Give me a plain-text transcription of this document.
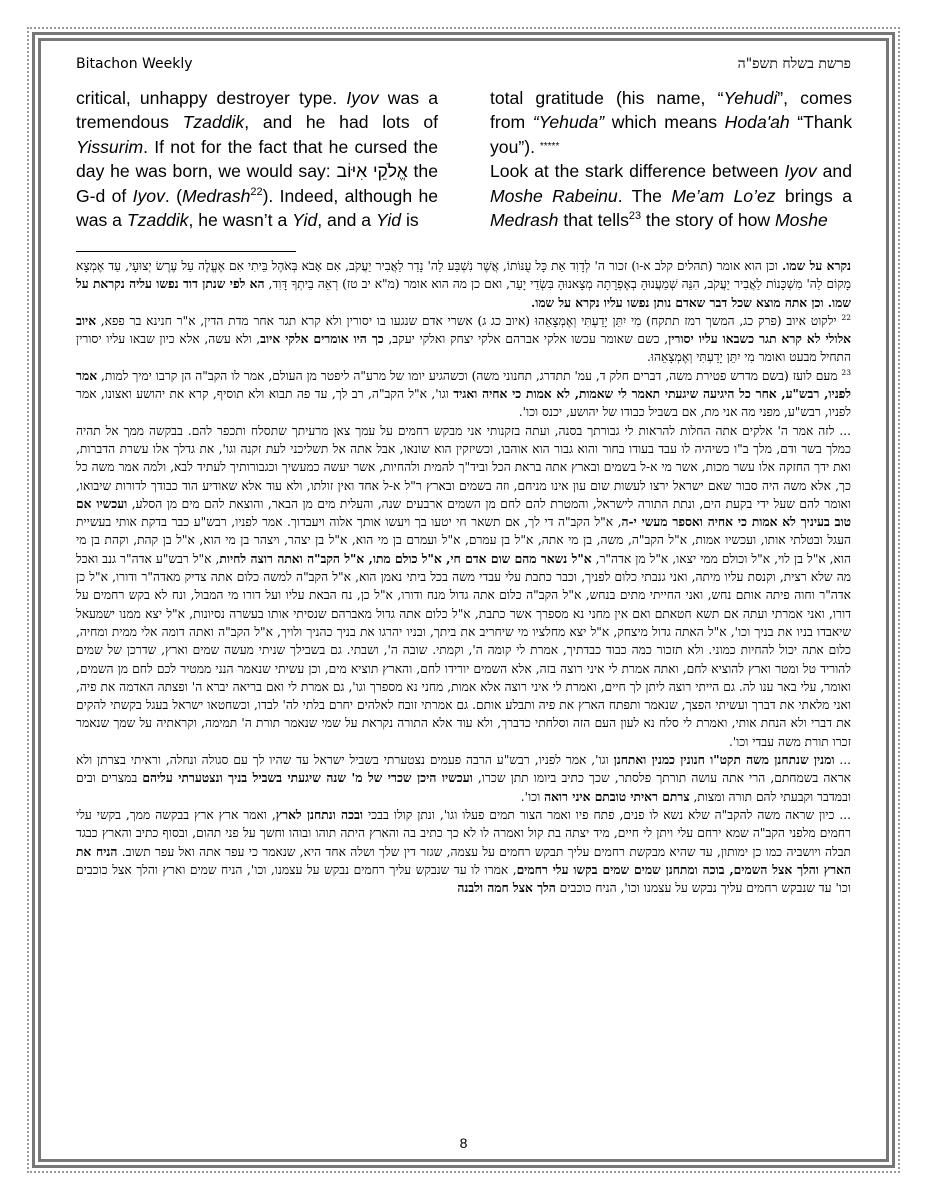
Bitachon Weekly	פרשת בשלח תשפ"ה

critical, unhappy destroyer type. Iyov was a tremendous Tzaddik, and he had lots of Yissurim. If not for the fact that he cursed the day he was born, we would say: אֱלֹקֵי אִיּוֹב the G-d of Iyov. (Medrash$^{22}$). Indeed, although he was a Tzaddik, he wasn’t a Yid, and a Yid is

total gratitude (his name, “Yehudi”, comes from “Yehuda” which means Hoda'ah “Thank you”). *****

Look at the stark difference between Iyov and Moshe Rabeinu. The Me’am Lo’ez brings a Medrash that tells$^{23}$ the story of how Moshe

נקרא על שמו. וכן הוא אומר (תהלים קלב א-ו) זכור ה' לְדָוִד אֵת כָּל עֻנּוֹתוֹ, אֲשֶׁר נִשְׁבַּע לַה' נָדַר לַאֲבִיר יַעֲקֹב, אִם אָבֹא בְּאֹהֶל בֵּיתִי אִם אֶעֱלֶה עַל עֶרֶשׂ יְצוּעָי, עַד אֶמְצָא מָקוֹם לַה' מִשְׁכָּנוֹת לַאֲבִיר יַעֲקֹב, הִנֵּה שְׁמַעֲנוּהָ בְאֶפְרָתָה מְצָאנוּהָ בִּשְׂדֵי יָעַר, ואם כן מה הוא אומר (מ"א יב טז) רְאֵה בֵיתְךָ דָּוִד, הא לפי שנתן דוד נפשו עליה נקראת על שמו. וכן אתה מוצא שכל דבר שאדם נותן נפשו עליו נקרא על שמו.

$^{22}$ ילקוט איוב (פרק כג, המשך רמז תתקח) מִי יִתֵּן יָדַעְתִּי וְאֶמְצָאֵהוּ (איוב כג ג) אשרי אדם שנגעו בו יסורין ולא קרא תגר אחר מדת הדין, א"ר חנינא בר פפא, איוב אלולי לא קרא תגר כשבאו עליו יסורין, כשם שאומר עכשו אלקי אברהם אלקי יצחק ואלקי יעקב, כך היו אומרים אלקי איוב, ולא עשה, אלא כיון שבאו עליו יסורין התחיל מבעט ואומר מִי יִתֵּן יָדַעְתִּי וְאֶמְצָאֵהוּ.

$^{23}$ מעם לועז (בשם מדרש פטירת משה, דברים חלק ד, עמ' תתדרג, תחנוני משה) וכשהגיע יומו של מרע"ה ליפטר מן העולם, אמר לו הקב"ה הן קרבו ימיך למות, אמר לפניו, רבש"ע, אחר כל היגיעה שיגעתי תאמר לי שאמות, לא אמות כי אחיה ואגיד וגו', א"ל הקב"ה, רב לך, עד פה תבוא ולא תוסיף, קרא את יהושע ואצונו, אמר לפניו, רבש"ע, מפני מה אני מת, אם בשביל כבודו של יהושע, יכנס וכו'.

... לזה אמר ה' אלקים אתה החלות להראות לי גבורתך בסנה, ועתה בזקנותי אני מבקש רחמים על עמך צאן מרעיתך שתסלח ותכפר להם. בבקשה ממך אל תהיה כמלך בשר ודם, מלך ב"ו כשיהיה לו עבד בעודו בחור והוא גבור הוא אוהבו, וכשיזקין הוא שונאו, אבל אתה אל תשליכני לעת זקנה וגו', את גדלך אלו עשרת הדברות, ואת ידך החזקה אלו עשר מכות, אשר מי א-ל בשמים ובארץ אתה בראת הכל וביד"ך להמית ולהחיות, אשר יעשה כמעשיך וכגבורותיך לעתיד לבא, ולמה אמר משה כל כך, אלא משה היה סבור שאם ישראל ירצו לעשות שום עון אינו מניחם, וזה בשמים ובארץ ר"ל א-ל אחד ואין זולתו, ולא עוד אלא שאודיע הוד כבודך לדורות שיבואו, ואומר להם שעל ידי בקעת הים, ונתת התורה לישראל, והמטרת להם לחם מן השמים ארבעים שנה, והעלית מים מן הבאר, והוצאת להם מים מן הסלע, ועכשיו אם טוב בעיניך לא אמות כי אחיה ואספר מעשי י-ה, א"ל הקב"ה די לך, אם תשאר חי יטעו בך ויעשו אותך אלוה ויעבדוך. אמר לפניו, רבש"ע כבר בדקת אותי בעשיית העגל ובטלתי אותו, ועכשיו אמות, א"ל הקב"ה, משה, בן מי אתה, א"ל בן עמרם, א"ל ועמרם בן מי הוא, א"ל בן יצהר, ויצהר בן מי הוא, א"ל בן קהת, וקהת בן מי הוא, א"ל בן לוי, א"ל וכולם ממי יצאו, א"ל מן אדה"ר, א"ל נשאר מהם שום אדם חי, א"ל כולם מתו, א"ל הקב"ה ואתה רוצה לחיות, א"ל רבש"ע אדה"ר גנב ואכל מה שלא רצית, וקנסת עליו מיתה, ואני גנבתי כלום לפניך, וכבר כתבת עלי עבדי משה בכל ביתי נאמן הוא, א"ל הקב"ה למשה כלום אתה צדיק מאדה"ר ודורו, א"ל כן אדה"ר וחוה פיתה אותם נחש, ואני החייתי מתים בנחש, א"ל הקב"ה כלום אתה גדול מנח ודורו, א"ל כן, נח הבאת עליו ועל דורו מי המבול, ונח לא בקש רחמים על דורו, ואני אמרתי ועתה אם תשא חטאתם ואם אין מחני נא מספרך אשר כתבת, א"ל כלום אתה גדול מאברהם שנסיתי אותו בעשרה נסיונות, א"ל יצא ממנו ישמעאל שיאבדו בניו את בניך וכו', א"ל האתה גדול מיצחק, א"ל יצא מחלציו מי שיחריב את ביתך, ובניו יהרגו את בניך כהניך ולויך, א"ל הקב"ה ואתה דומה אלי ממית ומחיה, כלום אתה יכול להחיות כמוני. ולא תזכור כמה כבוד כבדתיך, אמרת לי קומה ה', וקמתי. שובה ה', ושבתי. גם בשבילך שניתי מעשה שמים וארץ, שדרכן של שמים להוריד טל ומטר וארץ להוציא לחם, ואתה אמרת לי איני רוצה בזה, אלא השמים יורידו לחם, והארץ תוציא מים, וכן עשיתי שנאמר הנני ממטיר לכם לחם מן השמים, ואומר, עלי באר ענו לה. גם הייתי רוצה ליתן לך חיים, ואמרת לי איני רוצה אלא אמות, מחני נא מספרך וגו', גם אמרת לי ואם בריאה יברא ה' ופצתה האדמה את פיה, ואני מלאתי את דברך ועשיתי הפצך, שנאמר ותפתח הארץ את פיה ותבלע אותם. גם אמרתי זובח לאלהים יחרם בלתי לה' לבדו, וכשחטאו ישראל בעגל בקשתי להקים את דברי ולא הנחת אותי, ואמרת לי סלח נא לעון העם הזה וסלחתי כדברך, ולא עוד אלא התורה נקראת על שמי שנאמר תורת ה' תמימה, וקראתיה על שמך שנאמר זכרו תורת משה עבדי וכו'.

... ומנין שנתחנן משה תקט"ו חנונין כמנין ואתחנן וגו', אמר לפניו, רבש"ע הרבה פעמים נצטערתי בשביל ישראל עד שהיו לך עם סגולה ונחלה, וראיתי בצרתן ולא אראה בשמחתם, הרי אתה עושה תורתך פלסתר, שכך כתיב ביומו תתן שכרו, ועכשיו היכן שכרי של מ' שנה שיגעתי בשביל בניך ונצטערתי עליהם במצרים ובים ובמדבר וקבעתי להם תורה ומצות, צרתם ראיתי טובתם איני רואה וכו'.

... כיון שראה משה להקב"ה שלא נשא לו פנים, פתח פיו ואמר הצור תמים פעלו וגו', ונתן קולו בבכי ובכה ונתחנן לארץ, ואמר ארץ ארץ בבקשה ממך, בקשי עלי רחמים מלפני הקב"ה שמא ירחם עלי ויתן לי חיים, מיד יצתה בת קול ואמרה לו לא כך כתיב בה והארץ היתה תוהו ובוהו וחשך על פני תהום, ובסוף כתיב והארץ כבגד תבלה ויושביה כמו כן ימותון, עד שהיא מבקשת רחמים עליך תבקש רחמים על עצמה, שגזר דין שלך ושלה אחד היא, שנאמר כי עפר אתה ואל עפר תשוב. הניח את הארץ והלך אצל השמים, בוכה ומתחנן שמים שמים בקשו עלי רחמים, אמרו לו עד שנבקש עליך רחמים נבקש על עצמנו, וכו', הניח שמים וארץ והלך אצל כוכבים וכו' עד שנבקש רחמים עליך נבקש על עצמנו וכו', הניח כוכבים הלך אצל חמה ולבנה

8
